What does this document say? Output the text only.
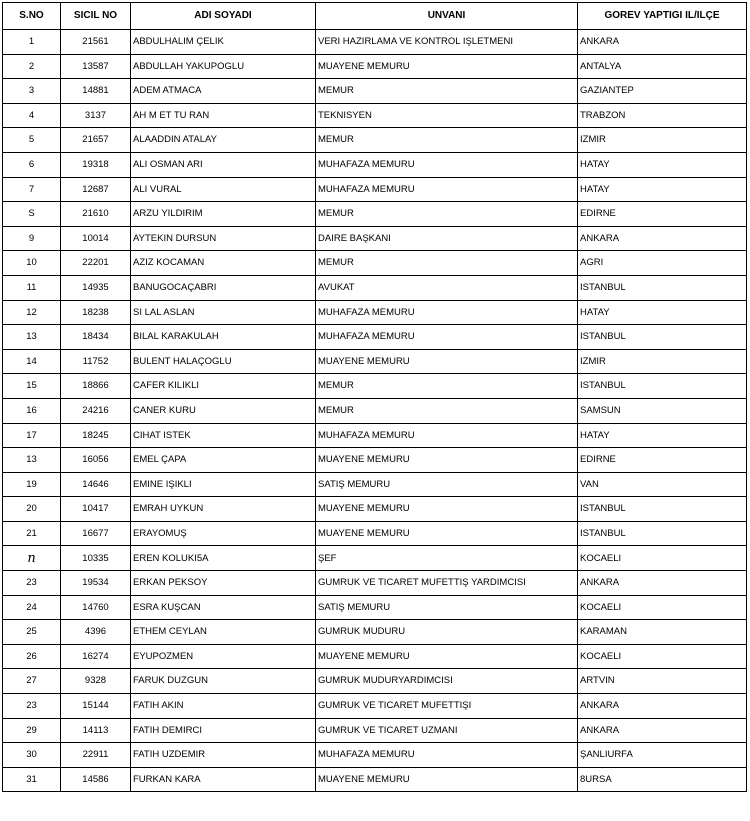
S.NO	SICIL NO	ADI SOYADI	UNVANI	GOREV YAPTIGI IL/ILÇE
1	21561	ABDULHALIM ÇELIK	VERI HAZIRLAMA VE KONTROL IŞLETMENI	ANKARA
2	13587	ABDULLAH YAKUPOGLU	MUAYENE MEMURU	ANTALYA
3	14881	ADEM ATMACA	MEMUR	GAZIANTEP
4	3137	AH M ET TU RAN	TEKNISYEN	TRABZON
5	21657	ALAADDIN ATALAY	MEMUR	IZMIR
6	19318	ALI OSMAN ARI	MUHAFAZA MEMURU	HATAY
7	12687	ALI VURAL	MUHAFAZA MEMURU	HATAY
S	21610	ARZU YILDIRIM	MEMUR	EDIRNE
9	10014	AYTEKIN DURSUN	DAIRE BAŞKANI	ANKARA
10	22201	AZIZ KOCAMAN	MEMUR	AGRI
11	14935	BANUGOCAÇABRI	AVUKAT	ISTANBUL
12	18238	SI LAL ASLAN	MUHAFAZA MEMURU	HATAY
13	18434	BILAL KARAKULAH	MUHAFAZA MEMURU	ISTANBUL
14	11752	BULENT HALAÇOGLU	MUAYENE MEMURU	IZMIR
15	18866	CAFER KILIKLI	MEMUR	ISTANBUL
16	24216	CANER KURU	MEMUR	SAMSUN
17	18245	CIHAT ISTEK	MUHAFAZA MEMURU	HATAY
13	16056	EMEL ÇAPA	MUAYENE MEMURU	EDIRNE
19	14646	EMINE IŞIKLI	SATIŞ MEMURU	VAN
20	10417	EMRAH UYKUN	MUAYENE MEMURU	ISTANBUL
21	16677	ERAYOMUŞ	MUAYENE MEMURU	ISTANBUL
n	10335	EREN KOLUKI5A	ŞEF	KOCAELI
23	19534	ERKAN PEKSOY	GUMRUK VE TICARET MUFETTIŞ YARDIMCISI	ANKARA
24	14760	ESRA KUŞCAN	SATIŞ MEMURU	KOCAELI
25	4396	ETHEM CEYLAN	GUMRUK MUDURU	KARAMAN
26	16274	EYUPOZMEN	MUAYENE MEMURU	KOCAELI
27	9328	FARUK DUZGUN	GUMRUK MUDURYARDIMCISI	ARTVIN
23	15144	FATIH AKIN	GUMRUK VE TICARET MUFETTIŞI	ANKARA
29	14113	FATIH DEMIRCI	GUMRUK VE TICARET UZMANI	ANKARA
30	22911	FATIH UZDEMIR	MUHAFAZA MEMURU	ŞANLIURFA
31	14586	FURKAN KARA	MUAYENE MEMURU	8URSA
